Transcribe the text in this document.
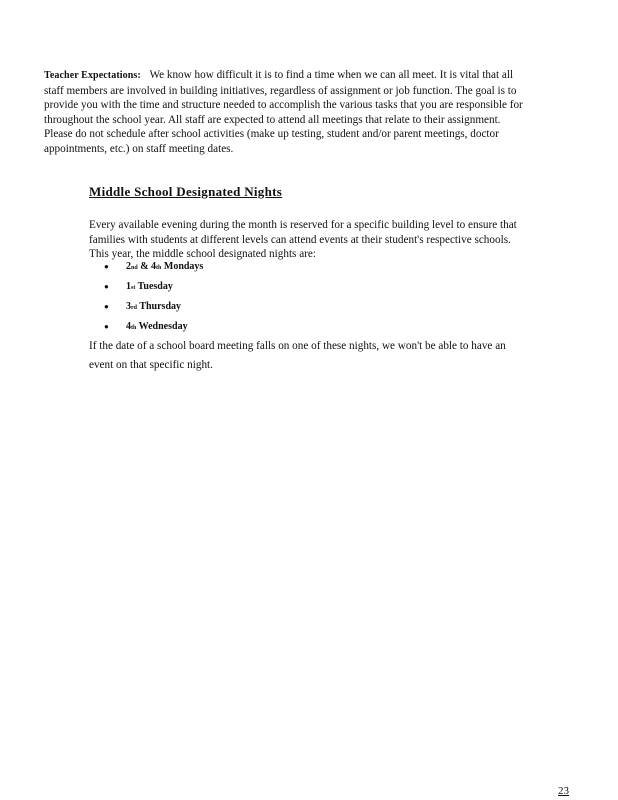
Teacher Expectations: We know how difficult it is to find a time when we can all meet. It is vital that all staff members are involved in building initiatives, regardless of assignment or job function. The goal is to provide you with the time and structure needed to accomplish the various tasks that you are responsible for throughout the school year. All staff are expected to attend all meetings that relate to their assignment. Please do not schedule after school activities (make up testing, student and/or parent meetings, doctor appointments, etc.) on staff meeting dates.

Middle School Designated Nights

Every available evening during the month is reserved for a specific building level to ensure that families with students at different levels can attend events at their student's respective schools. This year, the middle school designated nights are:

●	2 nd & 4 th Mondays
●	1 st Tuesday
●	3 rd Thursday
●	4 th Wednesday

If the date of a school board meeting falls on one of these nights, we won't be able to have an event on that specific night.

23
